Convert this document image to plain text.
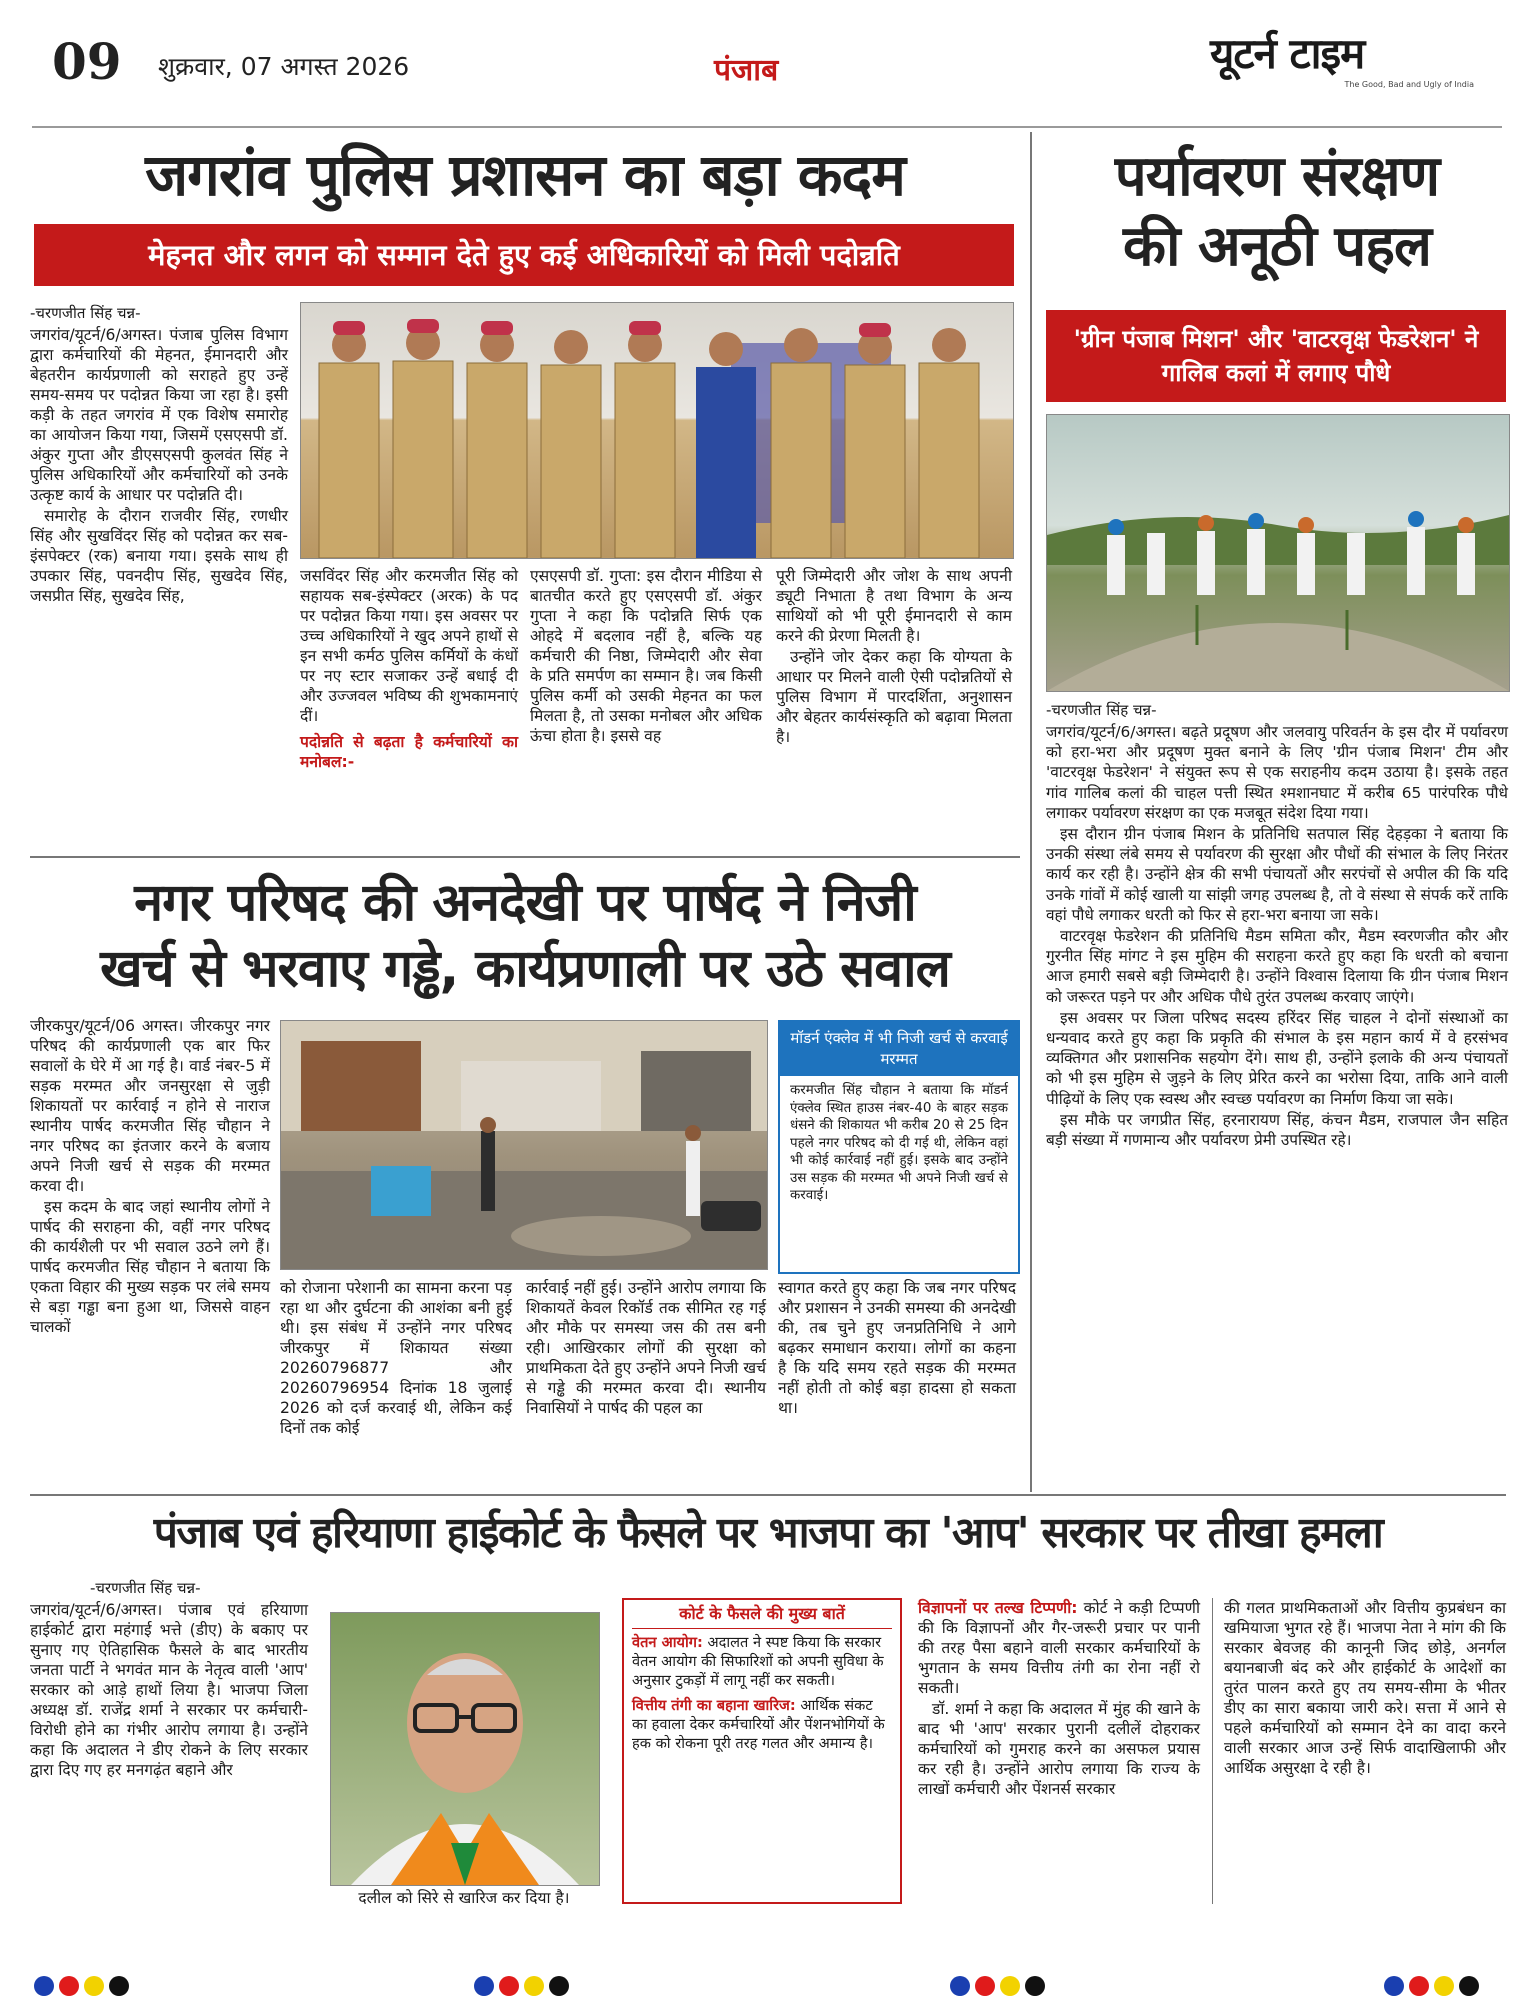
09 शुक्रवार, 07 अगस्त 2026	पंजाब	यूटर्न टाइम
The Good, Bad and Ugly of India
जगरांव पुलिस प्रशासन का बड़ा कदम
मेहनत और लगन को सम्मान देते हुए कई अधिकारियों को मिली पदोन्नति
-चरणजीत सिंह चन्न-

जगरांव/यूटर्न/6/अगस्त। पंजाब पुलिस विभाग द्वारा कर्मचारियों की मेहनत, ईमानदारी और बेहतरीन कार्यप्रणाली को सराहते हुए उन्हें समय-समय पर पदोन्नत किया जा रहा है। इसी कड़ी के तहत जगरांव में एक विशेष समारोह का आयोजन किया गया, जिसमें एसएसपी डॉ. अंकुर गुप्ता और डीएसएसपी कुलवंत सिंह ने पुलिस अधिकारियों और कर्मचारियों को उनके उत्कृष्ट कार्य के आधार पर पदोन्नति दी।

समारोह के दौरान राजवीर सिंह, रणधीर सिंह और सुखविंदर सिंह को पदोन्नत कर सब-इंसपेक्टर (रक) बनाया गया। इसके साथ ही उपकार सिंह, पवनदीप सिंह, सुखदेव सिंह, जसप्रीत सिंह, सुखदेव सिंह,

जसविंदर सिंह और करमजीत सिंह को सहायक सब-इंस्पेक्टर (अरक) के पद पर पदोन्नत किया गया। इस अवसर पर उच्च अधिकारियों ने खुद अपने हाथों से इन सभी कर्मठ पुलिस कर्मियों के कंधों पर नए स्टार सजाकर उन्हें बधाई दी और उज्जवल भविष्य की शुभकामनाएं दीं।

पदोन्नति से बढ़ता है कर्मचारियों का मनोबल:-

एसएसपी डॉ. गुप्ता: इस दौरान मीडिया से बातचीत करते हुए एसएसपी डॉ. अंकुर गुप्ता ने कहा कि पदोन्नति सिर्फ एक ओहदे में बदलाव नहीं है, बल्कि यह कर्मचारी की निष्ठा, जिम्मेदारी और सेवा के प्रति समर्पण का सम्मान है। जब किसी पुलिस कर्मी को उसकी मेहनत का फल मिलता है, तो उसका मनोबल और अधिक ऊंचा होता है। इससे वह

पूरी जिम्मेदारी और जोश के साथ अपनी ड्यूटी निभाता है तथा विभाग के अन्य साथियों को भी पूरी ईमानदारी से काम करने की प्रेरणा मिलती है।

उन्होंने जोर देकर कहा कि योग्यता के आधार पर मिलने वाली ऐसी पदोन्नतियों से पुलिस विभाग में पारदर्शिता, अनुशासन और बेहतर कार्यसंस्कृति को बढ़ावा मिलता है।

पर्यावरण संरक्षण
की अनूठी पहल
'ग्रीन पंजाब मिशन' और 'वाटरवृक्ष फेडरेशन' ने गालिब कलां में लगाए पौधे
-चरणजीत सिंह चन्न-

जगरांव/यूटर्न/6/अगस्त। बढ़ते प्रदूषण और जलवायु परिवर्तन के इस दौर में पर्यावरण को हरा-भरा और प्रदूषण मुक्त बनाने के लिए 'ग्रीन पंजाब मिशन' टीम और 'वाटरवृक्ष फेडरेशन' ने संयुक्त रूप से एक सराहनीय कदम उठाया है। इसके तहत गांव गालिब कलां की चाहल पत्ती स्थित श्मशानघाट में करीब 65 पारंपरिक पौधे लगाकर पर्यावरण संरक्षण का एक मजबूत संदेश दिया गया।

इस दौरान ग्रीन पंजाब मिशन के प्रतिनिधि सतपाल सिंह देहड़का ने बताया कि उनकी संस्था लंबे समय से पर्यावरण की सुरक्षा और पौधों की संभाल के लिए निरंतर कार्य कर रही है। उन्होंने क्षेत्र की सभी पंचायतों और सरपंचों से अपील की कि यदि उनके गांवों में कोई खाली या सांझी जगह उपलब्ध है, तो वे संस्था से संपर्क करें ताकि वहां पौधे लगाकर धरती को फिर से हरा-भरा बनाया जा सके।

वाटरवृक्ष फेडरेशन की प्रतिनिधि मैडम समिता कौर, मैडम स्वरणजीत कौर और गुरनीत सिंह मांगट ने इस मुहिम की सराहना करते हुए कहा कि धरती को बचाना आज हमारी सबसे बड़ी जिम्मेदारी है। उन्होंने विश्वास दिलाया कि ग्रीन पंजाब मिशन को जरूरत पड़ने पर और अधिक पौधे तुरंत उपलब्ध करवाए जाएंगे।

इस अवसर पर जिला परिषद सदस्य हरिंदर सिंह चाहल ने दोनों संस्थाओं का धन्यवाद करते हुए कहा कि प्रकृति की संभाल के इस महान कार्य में वे हरसंभव व्यक्तिगत और प्रशासनिक सहयोग देंगे। साथ ही, उन्होंने इलाके की अन्य पंचायतों को भी इस मुहिम से जुड़ने के लिए प्रेरित करने का भरोसा दिया, ताकि आने वाली पीढ़ियों के लिए एक स्वस्थ और स्वच्छ पर्यावरण का निर्माण किया जा सके।

इस मौके पर जगप्रीत सिंह, हरनारायण सिंह, कंचन मैडम, राजपाल जैन सहित बड़ी संख्या में गणमान्य और पर्यावरण प्रेमी उपस्थित रहे।

नगर परिषद की अनदेखी पर पार्षद ने निजी
खर्च से भरवाए गड्ढे, कार्यप्रणाली पर उठे सवाल

जीरकपुर/यूटर्न/06 अगस्त। जीरकपुर नगर परिषद की कार्यप्रणाली एक बार फिर सवालों के घेरे में आ गई है। वार्ड नंबर-5 में सड़क मरम्मत और जनसुरक्षा से जुड़ी शिकायतों पर कार्रवाई न होने से नाराज स्थानीय पार्षद करमजीत सिंह चौहान ने नगर परिषद का इंतजार करने के बजाय अपने निजी खर्च से सड़क की मरम्मत करवा दी।

इस कदम के बाद जहां स्थानीय लोगों ने पार्षद की सराहना की, वहीं नगर परिषद की कार्यशैली पर भी सवाल उठने लगे हैं। पार्षद करमजीत सिंह चौहान ने बताया कि एकता विहार की मुख्य सड़क पर लंबे समय से बड़ा गड्ढा बना हुआ था, जिससे वाहन चालकों

मॉडर्न एंक्लेव में भी निजी खर्च से करवाई मरम्मत
करमजीत सिंह चौहान ने बताया कि मॉडर्न एंक्लेव स्थित हाउस नंबर-40 के बाहर सड़क धंसने की शिकायत भी करीब 20 से 25 दिन पहले नगर परिषद को दी गई थी, लेकिन वहां भी कोई कार्रवाई नहीं हुई। इसके बाद उन्होंने उस सड़क की मरम्मत भी अपने निजी खर्च से करवाई।

को रोजाना परेशानी का सामना करना पड़ रहा था और दुर्घटना की आशंका बनी हुई थी। इस संबंध में उन्होंने नगर परिषद जीरकपुर में शिकायत संख्या 20260796877 और 20260796954 दिनांक 18 जुलाई 2026 को दर्ज करवाई थी, लेकिन कई दिनों तक कोई

कार्रवाई नहीं हुई। उन्होंने आरोप लगाया कि शिकायतें केवल रिकॉर्ड तक सीमित रह गई और मौके पर समस्या जस की तस बनी रही। आखिरकार लोगों की सुरक्षा को प्राथमिकता देते हुए उन्होंने अपने निजी खर्च से गड्ढे की मरम्मत करवा दी। स्थानीय निवासियों ने पार्षद की पहल का

स्वागत करते हुए कहा कि जब नगर परिषद और प्रशासन ने उनकी समस्या की अनदेखी की, तब चुने हुए जनप्रतिनिधि ने आगे बढ़कर समाधान कराया। लोगों का कहना है कि यदि समय रहते सड़क की मरम्मत नहीं होती तो कोई बड़ा हादसा हो सकता था।

पंजाब एवं हरियाणा हाईकोर्ट के फैसले पर भाजपा का 'आप' सरकार पर तीखा हमला
-चरणजीत सिंह चन्न-

जगरांव/यूटर्न/6/अगस्त। पंजाब एवं हरियाणा हाईकोर्ट द्वारा महंगाई भत्ते (डीए) के बकाए पर सुनाए गए ऐतिहासिक फैसले के बाद भारतीय जनता पार्टी ने भगवंत मान के नेतृत्व वाली 'आप' सरकार को आड़े हाथों लिया है। भाजपा जिला अध्यक्ष डॉ. राजेंद्र शर्मा ने सरकार पर कर्मचारी-विरोधी होने का गंभीर आरोप लगाया है। उन्होंने कहा कि अदालत ने डीए रोकने के लिए सरकार द्वारा दिए गए हर मनगढ़ंत बहाने और

दलील को सिरे से खारिज कर दिया है।
कोर्ट के फैसले की मुख्य बातें
वेतन आयोग: अदालत ने स्पष्ट किया कि सरकार वेतन आयोग की सिफारिशों को अपनी सुविधा के अनुसार टुकड़ों में लागू नहीं कर सकती।
वित्तीय तंगी का बहाना खारिज: आर्थिक संकट का हवाला देकर कर्मचारियों और पेंशनभोगियों के हक को रोकना पूरी तरह गलत और अमान्य है।

विज्ञापनों पर तल्ख टिप्पणी: कोर्ट ने कड़ी टिप्पणी की कि विज्ञापनों और गैर-जरूरी प्रचार पर पानी की तरह पैसा बहाने वाली सरकार कर्मचारियों के भुगतान के समय वित्तीय तंगी का रोना नहीं रो सकती।

डॉ. शर्मा ने कहा कि अदालत में मुंह की खाने के बाद भी 'आप' सरकार पुरानी दलीलें दोहराकर कर्मचारियों को गुमराह करने का असफल प्रयास कर रही है। उन्होंने आरोप लगाया कि राज्य के लाखों कर्मचारी और पेंशनर्स सरकार

की गलत प्राथमिकताओं और वित्तीय कुप्रबंधन का खमियाजा भुगत रहे हैं। भाजपा नेता ने मांग की कि सरकार बेवजह की कानूनी जिद छोड़े, अनर्गल बयानबाजी बंद करे और हाईकोर्ट के आदेशों का तुरंत पालन करते हुए तय समय-सीमा के भीतर डीए का सारा बकाया जारी करे। सत्ता में आने से पहले कर्मचारियों को सम्मान देने का वादा करने वाली सरकार आज उन्हें सिर्फ वादाखिलाफी और आर्थिक असुरक्षा दे रही है।
